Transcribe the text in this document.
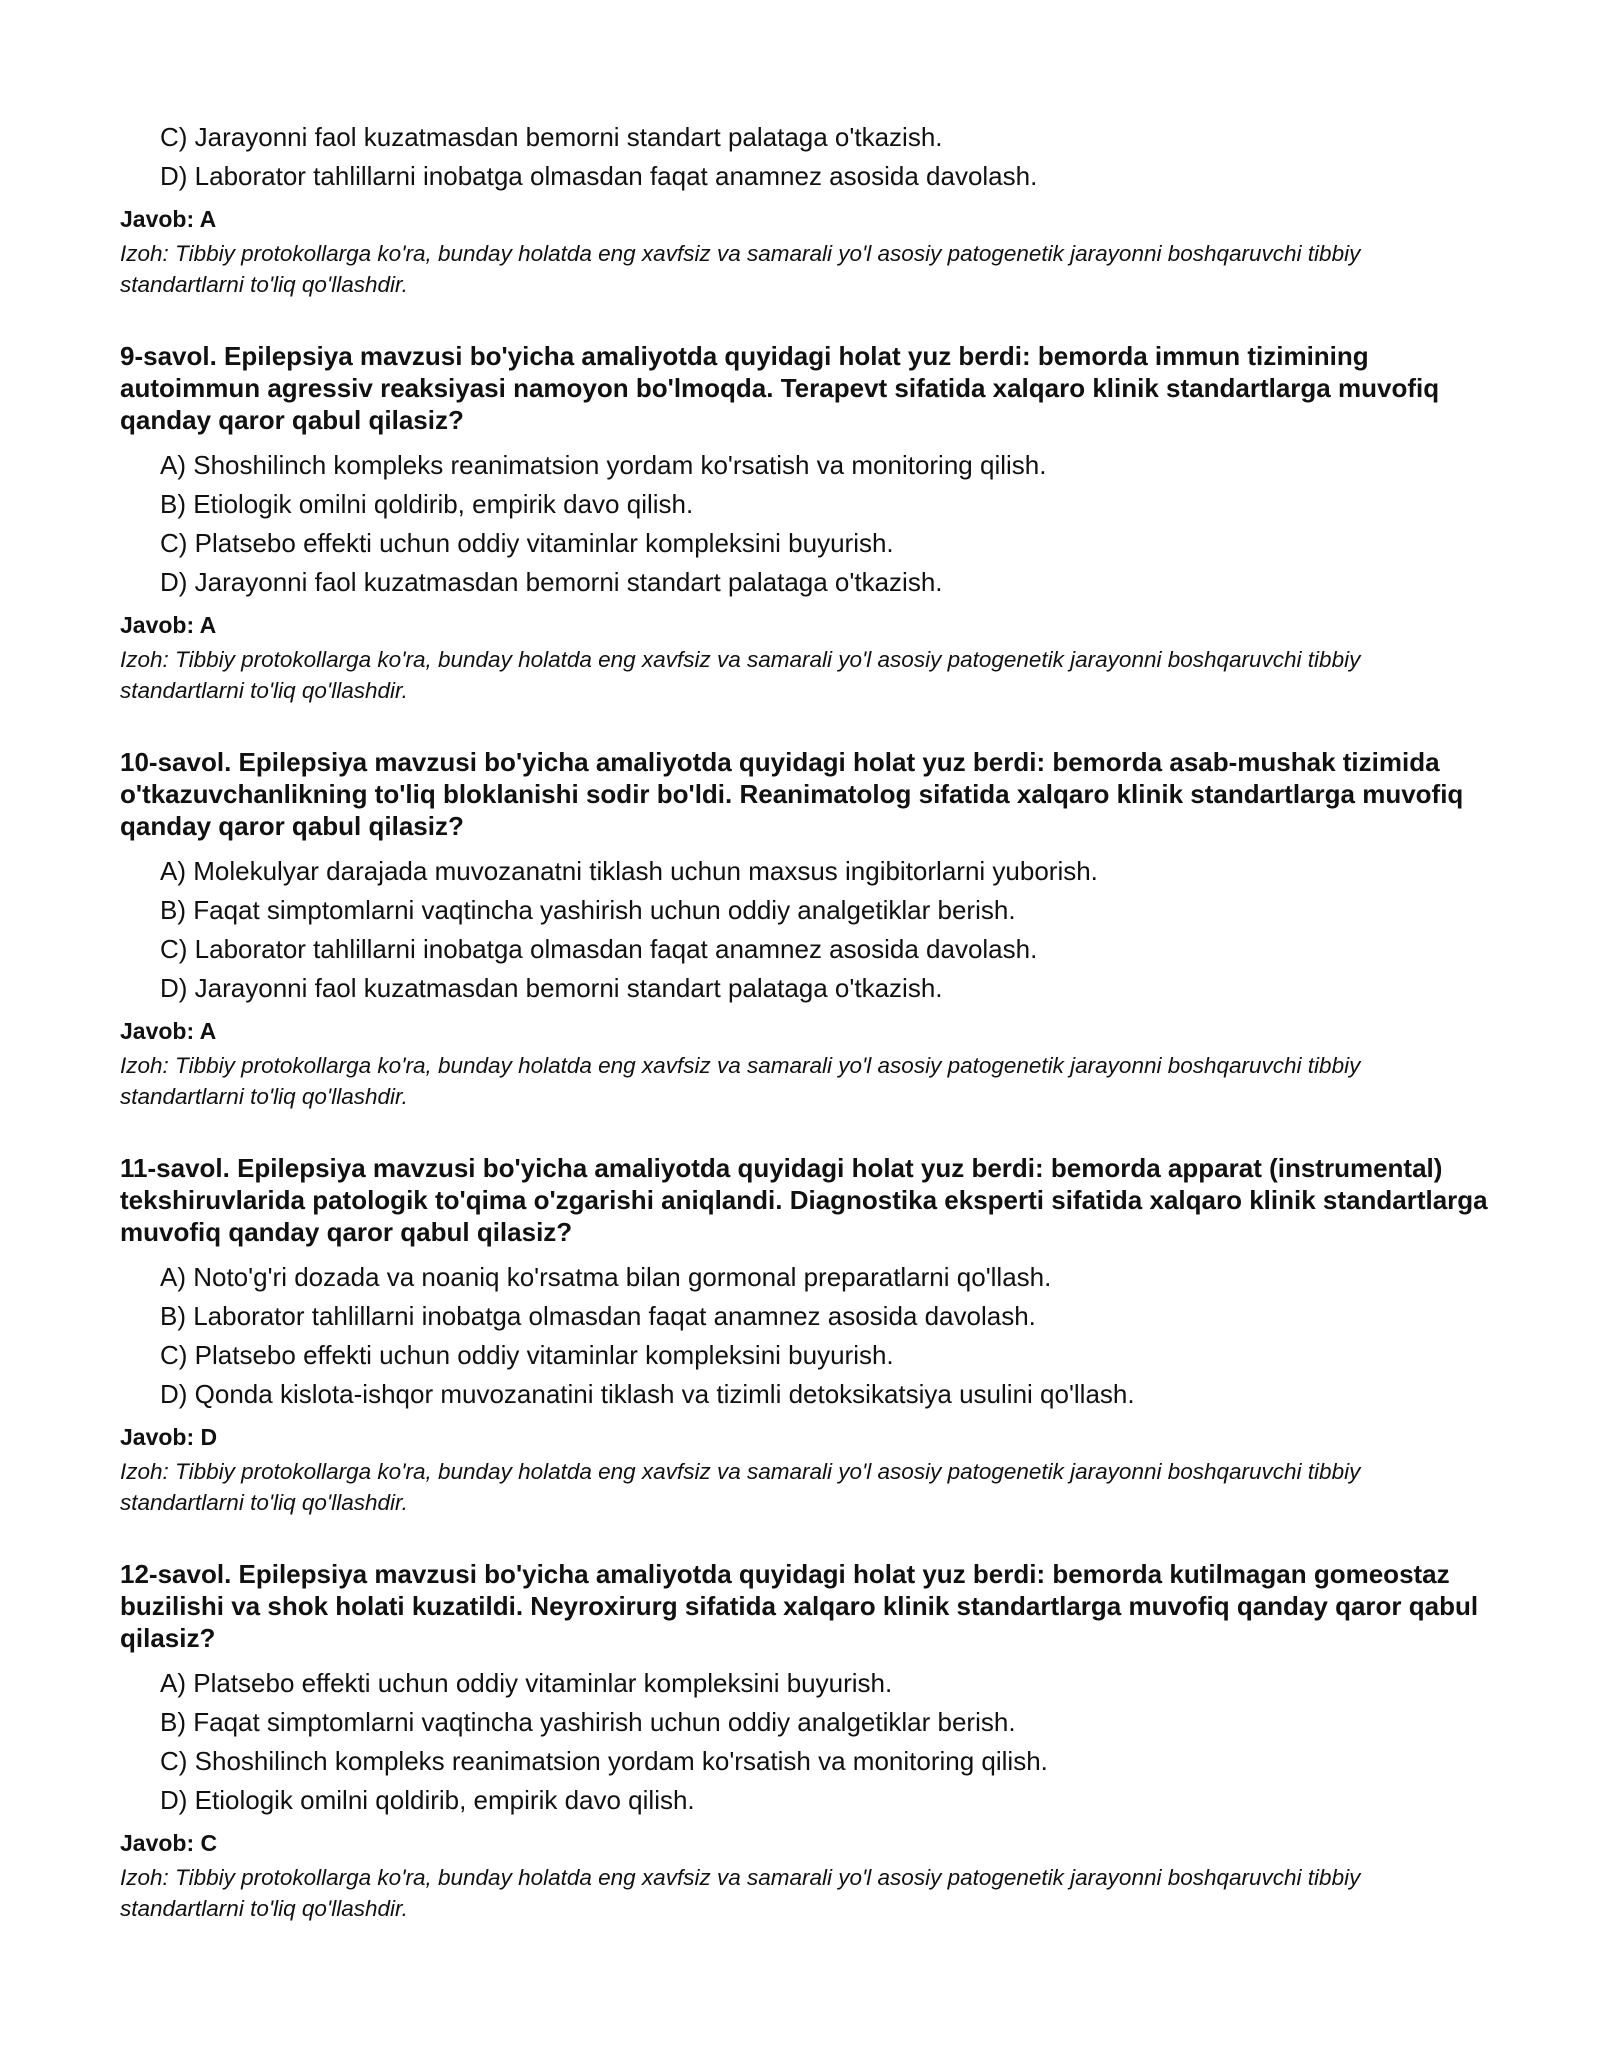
C) Jarayonni faol kuzatmasdan bemorni standart palataga o'tkazish.
D) Laborator tahlillarni inobatga olmasdan faqat anamnez asosida davolash.
Javob: A
Izoh: Tibbiy protokollarga ko'ra, bunday holatda eng xavfsiz va samarali yo'l asosiy patogenetik jarayonni boshqaruvchi tibbiy standartlarni to'liq qo'llashdir.
9-savol. Epilepsiya mavzusi bo'yicha amaliyotda quyidagi holat yuz berdi: bemorda immun tizimining autoimmun agressiv reaksiyasi namoyon bo'lmoqda. Terapevt sifatida xalqaro klinik standartlarga muvofiq qanday qaror qabul qilasiz?
A) Shoshilinch kompleks reanimatsion yordam ko'rsatish va monitoring qilish.
B) Etiologik omilni qoldirib, empirik davo qilish.
C) Platsebo effekti uchun oddiy vitaminlar kompleksini buyurish.
D) Jarayonni faol kuzatmasdan bemorni standart palataga o'tkazish.
Javob: A
Izoh: Tibbiy protokollarga ko'ra, bunday holatda eng xavfsiz va samarali yo'l asosiy patogenetik jarayonni boshqaruvchi tibbiy standartlarni to'liq qo'llashdir.
10-savol. Epilepsiya mavzusi bo'yicha amaliyotda quyidagi holat yuz berdi: bemorda asab-mushak tizimida o'tkazuvchanlikning to'liq bloklanishi sodir bo'ldi. Reanimatolog sifatida xalqaro klinik standartlarga muvofiq qanday qaror qabul qilasiz?
A) Molekulyar darajada muvozanatni tiklash uchun maxsus ingibitorlarni yuborish.
B) Faqat simptomlarni vaqtincha yashirish uchun oddiy analgetiklar berish.
C) Laborator tahlillarni inobatga olmasdan faqat anamnez asosida davolash.
D) Jarayonni faol kuzatmasdan bemorni standart palataga o'tkazish.
Javob: A
Izoh: Tibbiy protokollarga ko'ra, bunday holatda eng xavfsiz va samarali yo'l asosiy patogenetik jarayonni boshqaruvchi tibbiy standartlarni to'liq qo'llashdir.
11-savol. Epilepsiya mavzusi bo'yicha amaliyotda quyidagi holat yuz berdi: bemorda apparat (instrumental) tekshiruvlarida patologik to'qima o'zgarishi aniqlandi. Diagnostika eksperti sifatida xalqaro klinik standartlarga muvofiq qanday qaror qabul qilasiz?
A) Noto'g'ri dozada va noaniq ko'rsatma bilan gormonal preparatlarni qo'llash.
B) Laborator tahlillarni inobatga olmasdan faqat anamnez asosida davolash.
C) Platsebo effekti uchun oddiy vitaminlar kompleksini buyurish.
D) Qonda kislota-ishqor muvozanatini tiklash va tizimli detoksikatsiya usulini qo'llash.
Javob: D
Izoh: Tibbiy protokollarga ko'ra, bunday holatda eng xavfsiz va samarali yo'l asosiy patogenetik jarayonni boshqaruvchi tibbiy standartlarni to'liq qo'llashdir.
12-savol. Epilepsiya mavzusi bo'yicha amaliyotda quyidagi holat yuz berdi: bemorda kutilmagan gomeostaz buzilishi va shok holati kuzatildi. Neyroxirurg sifatida xalqaro klinik standartlarga muvofiq qanday qaror qabul qilasiz?
A) Platsebo effekti uchun oddiy vitaminlar kompleksini buyurish.
B) Faqat simptomlarni vaqtincha yashirish uchun oddiy analgetiklar berish.
C) Shoshilinch kompleks reanimatsion yordam ko'rsatish va monitoring qilish.
D) Etiologik omilni qoldirib, empirik davo qilish.
Javob: C
Izoh: Tibbiy protokollarga ko'ra, bunday holatda eng xavfsiz va samarali yo'l asosiy patogenetik jarayonni boshqaruvchi tibbiy standartlarni to'liq qo'llashdir.
